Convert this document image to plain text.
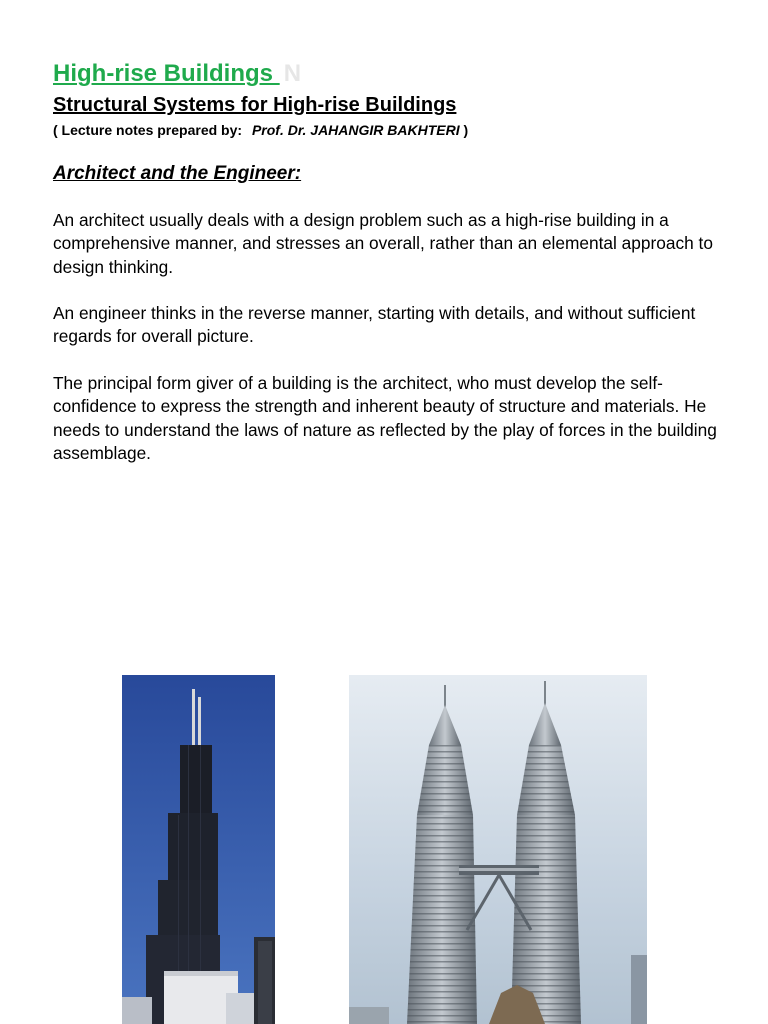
High-rise Buildings N
Structural Systems for High-rise Buildings
( Lecture notes prepared by: Prof. Dr. JAHANGIR BAKHTERI )
Architect and the Engineer:

An architect usually deals with a design problem such as a high-rise building in a comprehensive manner, and stresses an overall, rather than an elemental approach to design thinking.

An engineer thinks in the reverse manner, starting with details, and without sufficient regards for overall picture.

The principal form giver of a building is the architect, who must develop the self-confidence to express the strength and inherent beauty of structure and materials. He needs to understand the laws of nature as reflected by the play of forces in the building assemblage.
